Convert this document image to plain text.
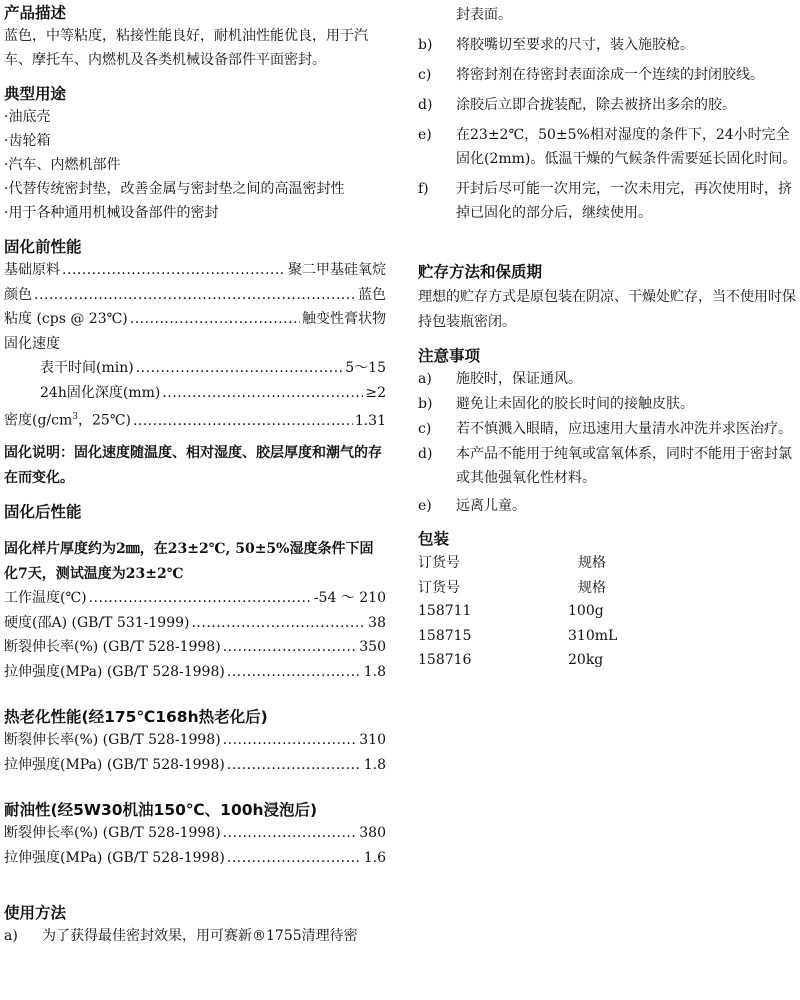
产品描述

蓝色，中等粘度，粘接性能良好，耐机油性能优良，用于汽车、摩托车、内燃机及各类机械设备部件平面密封。

典型用途
·油底壳
·齿轮箱
·汽车、内燃机部件
·代替传统密封垫，改善金属与密封垫之间的高温密封性
·用于各种通用机械设备部件的密封
固化前性能
基础原料 .....	聚二甲基硅氧烷
颜色 .....	蓝色
粘度 (cps @ 23℃) .....	触变性膏状物
固化速度
表干时间(min) .....	5～15
24h固化深度(mm) .....	≥2
密度($g/cm^3$，25℃) .....	1.31

固化说明：固化速度随温度、相对湿度、胶层厚度和潮气的存在而变化。

固化后性能

固化样片厚度约为2㎜，在23±2℃, 50±5%湿度条件下固化7天，测试温度为23±2℃

工作温度(℃) .....	-54 ～ 210
硬度(邵A) (GB/T 531-1999) .....	38
断裂伸长率(%) (GB/T 528-1998) .....	350
拉伸强度(MPa) (GB/T 528-1998) .....	1.8
热老化性能(经175℃168h热老化后)
断裂伸长率(%) (GB/T 528-1998) .....	310
拉伸强度(MPa) (GB/T 528-1998) .....	1.8
耐油性(经5W30机油150℃、100h浸泡后)
断裂伸长率(%) (GB/T 528-1998) .....	380
拉伸强度(MPa) (GB/T 528-1998) .....	1.6
使用方法
a)	为了获得最佳密封效果，用可赛新®1755清理待密
封表面。
b)	将胶嘴切至要求的尺寸，装入施胶枪。
c)	将密封剂在待密封表面涂成一个连续的封闭胶线。
d)	涂胶后立即合拢装配，除去被挤出多余的胶。
e)	在23±2℃，50±5%相对湿度的条件下，24小时完全固化(2mm)。低温干燥的气候条件需要延长固化时间。
f)	开封后尽可能一次用完，一次未用完，再次使用时，挤掉已固化的部分后，继续使用。
贮存方法和保质期

理想的贮存方式是原包装在阴凉、干燥处贮存，当不使用时保持包装瓶密闭。

注意事项
a)	施胶时，保证通风。
b)	避免让未固化的胶长时间的接触皮肤。
c)	若不慎溅入眼睛，应迅速用大量清水冲洗并求医治疗。
d)	本产品不能用于纯氧或富氧体系，同时不能用于密封氯或其他强氧化性材料。
e)	远离儿童。
包装
订货号	规格
订货号	规格
158711	100g
158715	310mL
158716	20kg
